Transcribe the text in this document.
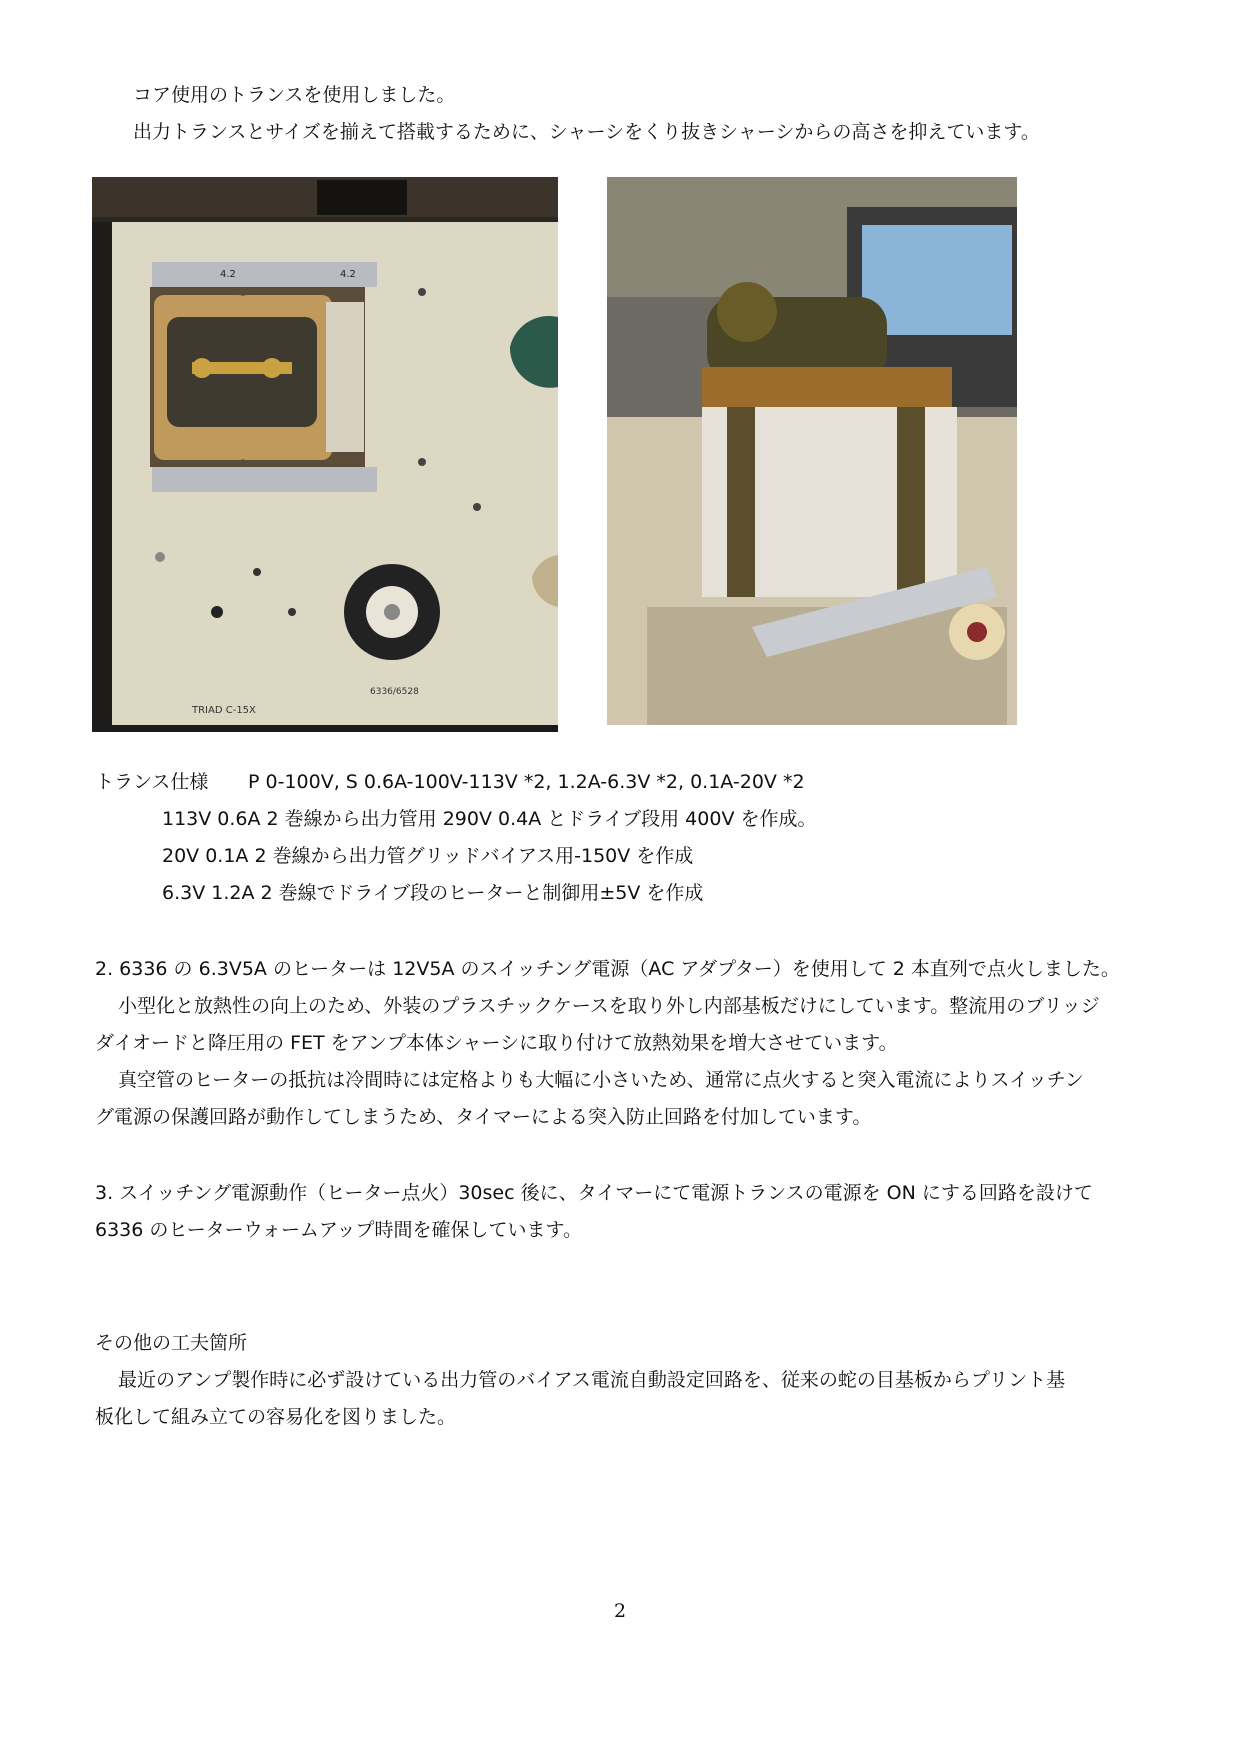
コア使用のトランスを使用しました。
出力トランスとサイズを揃えて搭載するために、シャーシをくり抜きシャーシからの高さを抑えています。
6336/6528
TRIAD C-15X
4.2	4.2
トランス仕様 P 0-100V, S 0.6A-100V-113V *2, 1.2A-6.3V *2, 0.1A-20V *2
113V 0.6A 2 巻線から出力管用 290V 0.4A とドライブ段用 400V を作成。
20V 0.1A 2 巻線から出力管グリッドバイアス用-150V を作成
6.3V 1.2A 2 巻線でドライブ段のヒーターと制御用±5V を作成
2. 6336 の 6.3V5A のヒーターは 12V5A のスイッチング電源（AC アダプター）を使用して 2 本直列で点火しました。
小型化と放熱性の向上のため、外装のプラスチックケースを取り外し内部基板だけにしています。整流用のブリッジ
ダイオードと降圧用の FET をアンプ本体シャーシに取り付けて放熱効果を増大させています。
真空管のヒーターの抵抗は冷間時には定格よりも大幅に小さいため、通常に点火すると突入電流によりスイッチン
グ電源の保護回路が動作してしまうため、タイマーによる突入防止回路を付加しています。
3. スイッチング電源動作（ヒーター点火）30sec 後に、タイマーにて電源トランスの電源を ON にする回路を設けて
6336 のヒーターウォームアップ時間を確保しています。
その他の工夫箇所
最近のアンプ製作時に必ず設けている出力管のバイアス電流自動設定回路を、従来の蛇の目基板からプリント基
板化して組み立ての容易化を図りました。
2
